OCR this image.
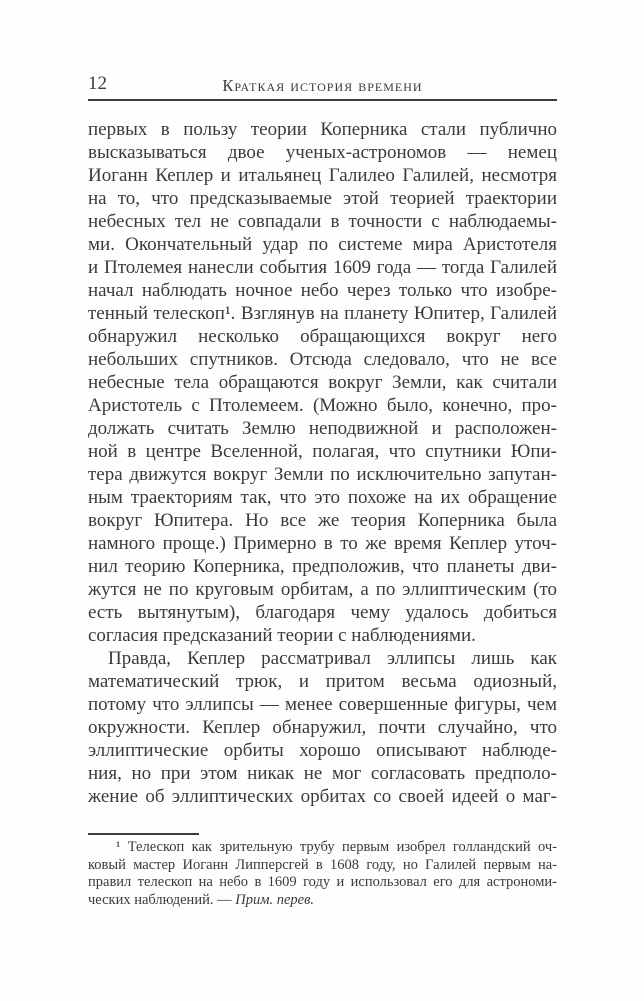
12	Краткая история времени
первых в пользу теории Коперника стали публично
высказываться двое ученых-астрономов — немец
Иоганн Кеплер и итальянец Галилео Галилей, несмотря
на то, что предсказываемые этой теорией траектории
небесных тел не совпадали в точности с наблюдаемы-
ми. Окончательный удар по системе мира Аристотеля
и Птолемея нанесли события 1609 года — тогда Галилей
начал наблюдать ночное небо через только что изобре-
тенный телескоп¹. Взглянув на планету Юпитер, Галилей
обнаружил несколько обращающихся вокруг него
небольших спутников. Отсюда следовало, что не все
небесные тела обращаются вокруг Земли, как считали
Аристотель с Птолемеем. (Можно было, конечно, про-
должать считать Землю неподвижной и расположен-
ной в центре Вселенной, полагая, что спутники Юпи-
тера движутся вокруг Земли по исключительно запутан-
ным траекториям так, что это похоже на их обращение
вокруг Юпитера. Но все же теория Коперника была
намного проще.) Примерно в то же время Кеплер уточ-
нил теорию Коперника, предположив, что планеты дви-
жутся не по круговым орбитам, а по эллиптическим (то
есть вытянутым), благодаря чему удалось добиться
согласия предсказаний теории с наблюдениями.
Правда, Кеплер рассматривал эллипсы лишь как
математический трюк, и притом весьма одиозный,
потому что эллипсы — менее совершенные фигуры, чем
окружности. Кеплер обнаружил, почти случайно, что
эллиптические орбиты хорошо описывают наблюде-
ния, но при этом никак не мог согласовать предполо-
жение об эллиптических орбитах со своей идеей о маг-
¹ Телескоп как зрительную трубу первым изобрел голландский оч-
ковый мастер Иоганн Липперсгей в 1608 году, но Галилей первым на-
правил телескоп на небо в 1609 году и использовал его для астрономи-
ческих наблюдений. — Прим. перев.
